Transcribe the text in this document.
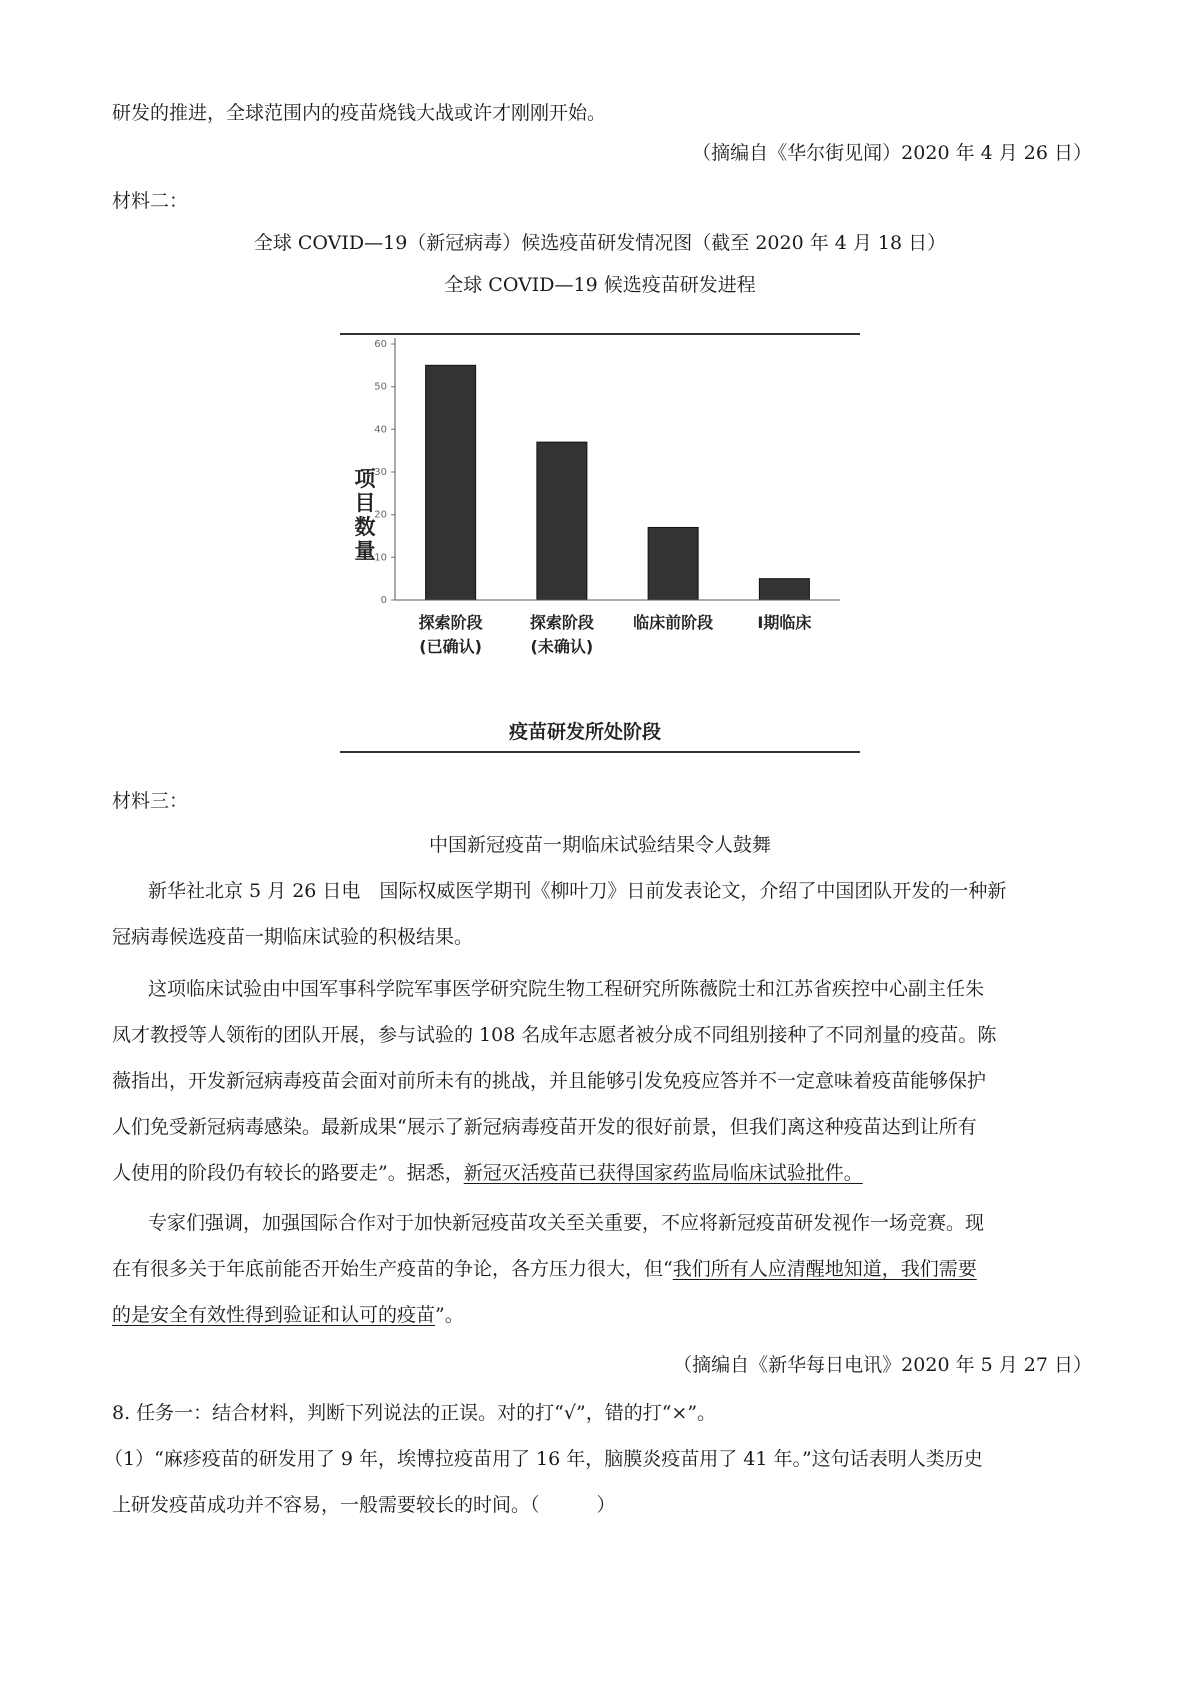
研发的推进，全球范围内的疫苗烧钱大战或许才刚刚开始。
（摘编自《华尔街见闻）2020 年 4 月 26 日）
材料二：
全球 COVID—19（新冠病毒）候选疫苗研发情况图（截至 2020 年 4 月 18 日）
全球 COVID—19 候选疫苗研发进程
项
目
数
量
0
10
20
30
40
50
60
探索阶段
(已确认)
探索阶段
(未确认)
临床前阶段	I期临床
疫苗研发所处阶段
材料三：
中国新冠疫苗一期临床试验结果令人鼓舞
新华社北京 5 月 26 日电　国际权威医学期刊《柳叶刀》日前发表论文，介绍了中国团队开发的一种新
冠病毒候选疫苗一期临床试验的积极结果。
这项临床试验由中国军事科学院军事医学研究院生物工程研究所陈薇院士和江苏省疾控中心副主任朱
凤才教授等人领衔的团队开展，参与试验的 108 名成年志愿者被分成不同组别接种了不同剂量的疫苗。陈
薇指出，开发新冠病毒疫苗会面对前所未有的挑战，并且能够引发免疫应答并不一定意味着疫苗能够保护
人们免受新冠病毒感染。最新成果“展示了新冠病毒疫苗开发的很好前景，但我们离这种疫苗达到让所有
人使用的阶段仍有较长的路要走”。据悉，新冠灭活疫苗已获得国家药监局临床试验批件。
专家们强调，加强国际合作对于加快新冠疫苗攻关至关重要，不应将新冠疫苗研发视作一场竞赛。现
在有很多关于年底前能否开始生产疫苗的争论，各方压力很大，但“我们所有人应清醒地知道，我们需要
的是安全有效性得到验证和认可的疫苗”。
（摘编自《新华每日电讯》2020 年 5 月 27 日）
8. 任务一：结合材料，判断下列说法的正误。对的打“√”，错的打“×”。
（1）“麻疹疫苗的研发用了 9 年，埃博拉疫苗用了 16 年，脑膜炎疫苗用了 41 年。”这句话表明人类历史
上研发疫苗成功并不容易，一般需要较长的时间。（　　　）
